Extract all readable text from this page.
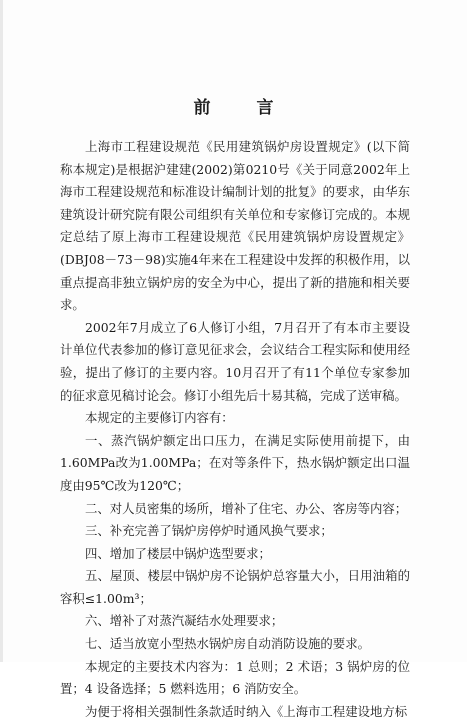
前 言

上海市工程建设规范《民用建筑锅炉房设置规定》(以下简称本规定)是根据沪建建(2002)第0210号《关于同意2002年上海市工程建设规范和标准设计编制计划的批复》的要求，由华东建筑设计研究院有限公司组织有关单位和专家修订完成的。本规定总结了原上海市工程建设规范《民用建筑锅炉房设置规定》(DBJ08－73－98)实施4年来在工程建设中发挥的积极作用，以重点提高非独立锅炉房的安全为中心，提出了新的措施和相关要求。

2002年7月成立了6人修订小组，7月召开了有本市主要设计单位代表参加的修订意见征求会，会议结合工程实际和使用经验，提出了修订的主要内容。10月召开了有11个单位专家参加的征求意见稿讨论会。修订小组先后十易其稿，完成了送审稿。

本规定的主要修订内容有：

一、蒸汽锅炉额定出口压力，在满足实际使用前提下，由1.60MPa改为1.00MPa；在对等条件下，热水锅炉额定出口温度由95℃改为120℃；

二、对人员密集的场所，增补了住宅、办公、客房等内容；

三、补充完善了锅炉房停炉时通风换气要求；

四、增加了楼层中锅炉选型要求；

五、屋顶、楼层中锅炉房不论锅炉总容量大小，日用油箱的容积≤1.00m³；

六、增补了对蒸汽凝结水处理要求；

七、适当放宽小型热水锅炉房自动消防设施的要求。

本规定的主要技术内容为：1 总则；2 术语；3 锅炉房的位置；4 设备选择；5 燃料选用；6 消防安全。

为便于将相关强制性条款适时纳入《上海市工程建设地方标
